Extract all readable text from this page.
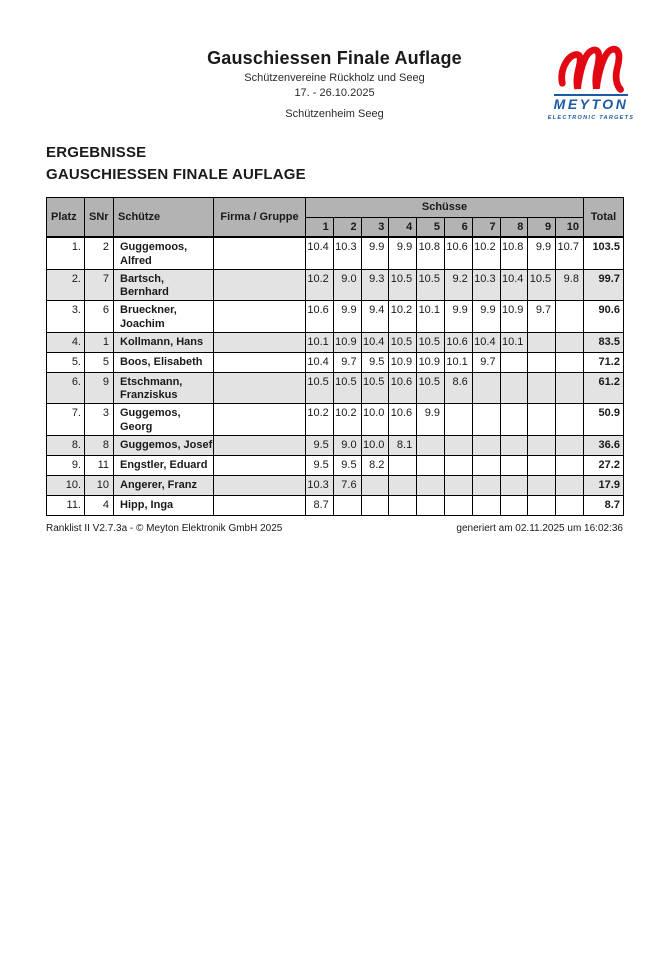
Gauschiessen Finale Auflage
Schützenvereine Rückholz und Seeg
17. - 26.10.2025
Schützenheim Seeg
MEYTON
ELECTRONIC TARGETS
ERGEBNISSE
GAUSCHIESSEN FINALE AUFLAGE
Platz	SNr	Schütze	Firma / Gruppe	Schüsse										Total
				1	2	3	4	5	6	7	8	9	10	
1.	2	Guggemoos, Alfred		10.4	10.3	9.9	9.9	10.8	10.6	10.2	10.8	9.9	10.7	103.5
2.	7	Bartsch, Bernhard		10.2	9.0	9.3	10.5	10.5	9.2	10.3	10.4	10.5	9.8	99.7
3.	6	Brueckner, Joachim		10.6	9.9	9.4	10.2	10.1	9.9	9.9	10.9	9.7		90.6
4.	1	Kollmann, Hans		10.1	10.9	10.4	10.5	10.5	10.6	10.4	10.1			83.5
5.	5	Boos, Elisabeth		10.4	9.7	9.5	10.9	10.9	10.1	9.7				71.2
6.	9	Etschmann, Franziskus		10.5	10.5	10.5	10.6	10.5	8.6					61.2
7.	3	Guggemos, Georg		10.2	10.2	10.0	10.6	9.9						50.9
8.	8	Guggemos, Josef		9.5	9.0	10.0	8.1							36.6
9.	11	Engstler, Eduard		9.5	9.5	8.2								27.2
10.	10	Angerer, Franz		10.3	7.6									17.9
11.	4	Hipp, Inga		8.7										8.7
Ranklist II V2.7.3a - © Meyton Elektronik GmbH 2025	generiert am 02.11.2025 um 16:02:36
